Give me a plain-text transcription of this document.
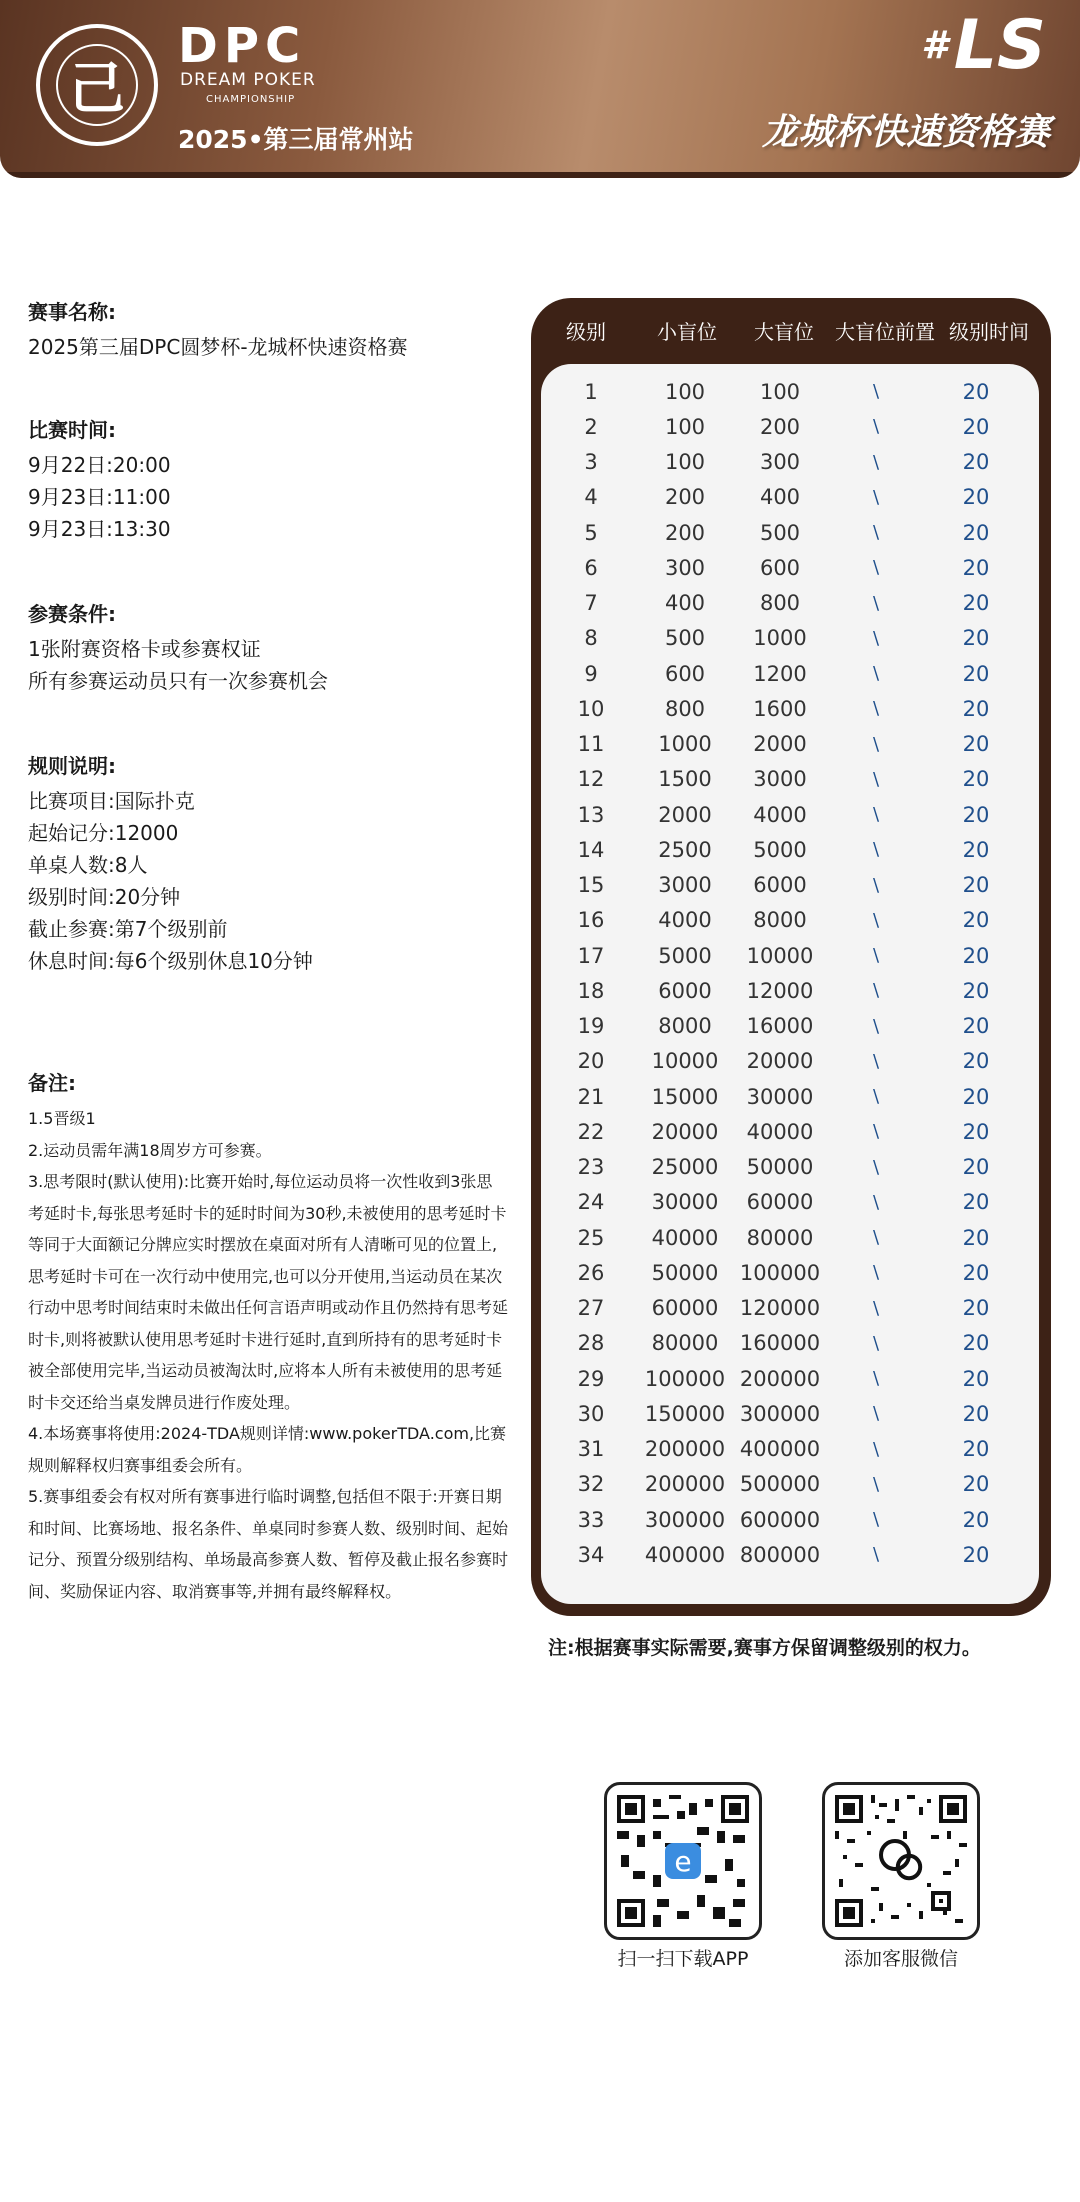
己
DPC
DREAM POKER
CHAMPIONSHIP
2025•第三届常州站
#LS
龙城杯快速资格赛
赛事名称:
2025第三届DPC圆梦杯-龙城杯快速资格赛
比赛时间:
9月22日:20:00
9月23日:11:00
9月23日:13:30
参赛条件:
1张附赛资格卡或参赛权证
所有参赛运动员只有一次参赛机会
规则说明:
比赛项目:国际扑克
起始记分:12000
单桌人数:8人
级别时间:20分钟
截止参赛:第7个级别前
休息时间:每6个级别休息10分钟
备注:
1.5晋级1
2.运动员需年满18周岁方可参赛。
3.思考限时(默认使用):比赛开始时,每位运动员将一次性收到3张思考延时卡,每张思考延时卡的延时时间为30秒,未被使用的思考延时卡等同于大面额记分牌应实时摆放在桌面对所有人清晰可见的位置上,思考延时卡可在一次行动中使用完,也可以分开使用,当运动员在某次行动中思考时间结束时未做出任何言语声明或动作且仍然持有思考延时卡,则将被默认使用思考延时卡进行延时,直到所持有的思考延时卡被全部使用完毕,当运动员被淘汰时,应将本人所有未被使用的思考延时卡交还给当桌发牌员进行作废处理。
4.本场赛事将使用:2024-TDA规则详情:www.pokerTDA.com,比赛规则解释权归赛事组委会所有。
5.赛事组委会有权对所有赛事进行临时调整,包括但不限于:开赛日期和时间、比赛场地、报名条件、单桌同时参赛人数、级别时间、起始记分、预置分级别结构、单场最高参赛人数、暂停及截止报名参赛时间、奖励保证内容、取消赛事等,并拥有最终解释权。
级别	小盲位	大盲位	大盲位前置 级别时间
1	100	100	\	20
2	100	200	\	20
3	100	300	\	20
4	200	400	\	20
5	200	500	\	20
6	300	600	\	20
7	400	800	\	20
8	500	1000	\	20
9	600	1200	\	20
10	800	1600	\	20
11	1000	2000	\	20
12	1500	3000	\	20
13	2000	4000	\	20
14	2500	5000	\	20
15	3000	6000	\	20
16	4000	8000	\	20
17	5000	10000	\	20
18	6000	12000	\	20
19	8000	16000	\	20
20	10000	20000	\	20
21	15000	30000	\	20
22	20000	40000	\	20
23	25000	50000	\	20
24	30000	60000	\	20
25	40000	80000	\	20
26	50000	100000	\	20
27	60000	120000	\	20
28	80000	160000	\	20
29	100000 200000	\	20
30	150000 300000	\	20
31	200000 400000	\	20
32	200000 500000	\	20
33	300000 600000	\	20
34	400000 800000	\	20
注:根据赛事实际需要,赛事方保留调整级别的权力。
e
扫一扫下载APP	添加客服微信
